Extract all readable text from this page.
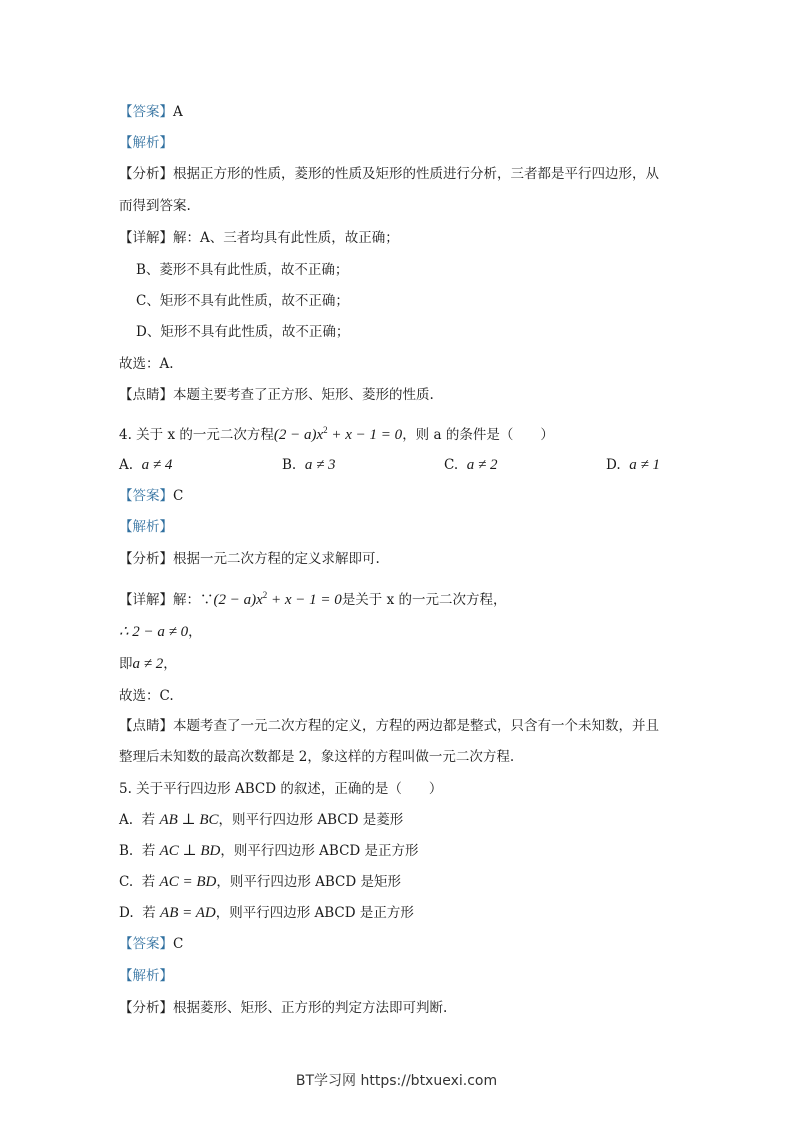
【答案】A
【解析】
【分析】根据正方形的性质，菱形的性质及矩形的性质进行分析，三者都是平行四边形，从
而得到答案.
【详解】解：A、三者均具有此性质，故正确；
B、菱形不具有此性质，故不正确；
C、矩形不具有此性质，故不正确；
D、矩形不具有此性质，故不正确；
故选：A.
【点睛】本题主要考查了正方形、矩形、菱形的性质.
4. 关于 x 的一元二次方程$(2 - a)x^2 + x - 1 = 0$，则 a 的条件是（　　）
A. a ≠ 4	B. a ≠ 3	C. a ≠ 2	D. a ≠ 1
【答案】C
【解析】
【分析】根据一元二次方程的定义求解即可.
【详解】解：∵(2 − $a)x^2 + x - 1 = 0$是关于 x 的一元二次方程，
∴ 2 − a ≠ 0，
即a ≠ 2，
故选：C.
【点睛】本题考查了一元二次方程的定义，方程的两边都是整式，只含有一个未知数，并且
整理后未知数的最高次数都是 2，象这样的方程叫做一元二次方程.
5. 关于平行四边形 ABCD 的叙述，正确的是（　　）
A. 若 AB ⊥ BC，则平行四边形 ABCD 是菱形
B. 若 AC ⊥ BD，则平行四边形 ABCD 是正方形
C. 若 AC = BD，则平行四边形 ABCD 是矩形
D. 若 AB = AD，则平行四边形 ABCD 是正方形
【答案】C
【解析】
【分析】根据菱形、矩形、正方形的判定方法即可判断.
BT学习网 https://btxuexi.com
